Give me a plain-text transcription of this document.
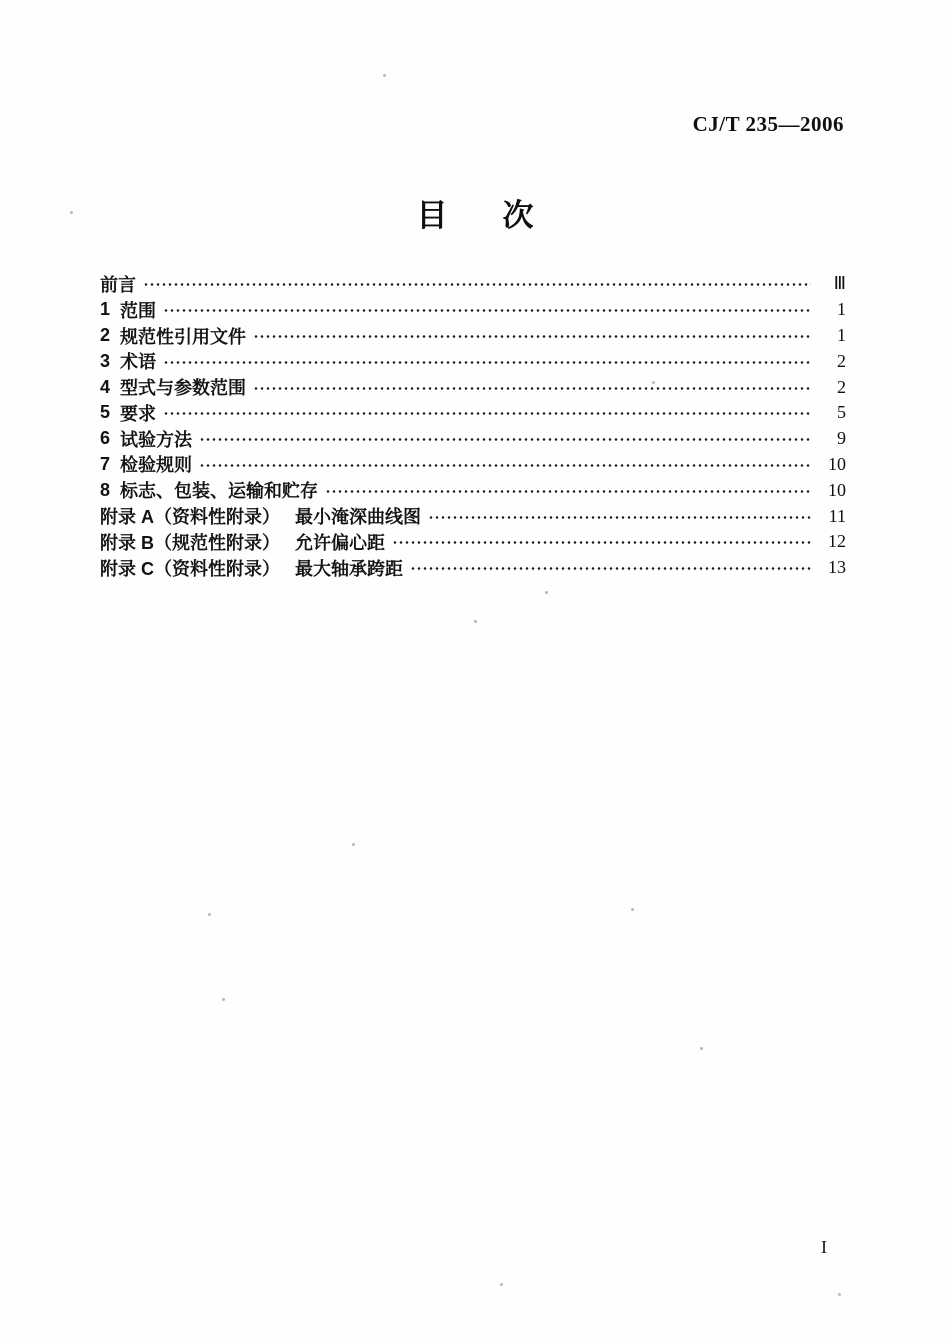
CJ/T 235—2006
目　次
前言	Ⅲ
1 范围	1
2 规范性引用文件	1
3 术语	2
4 型式与参数范围	2
5 要求	5
6 试验方法	9
7 检验规则	10
8 标志、包装、运输和贮存	10
附录 A（资料性附录） 最小淹深曲线图	11
附录 B（规范性附录） 允许偏心距	12
附录 C（资料性附录） 最大轴承跨距	13
I
